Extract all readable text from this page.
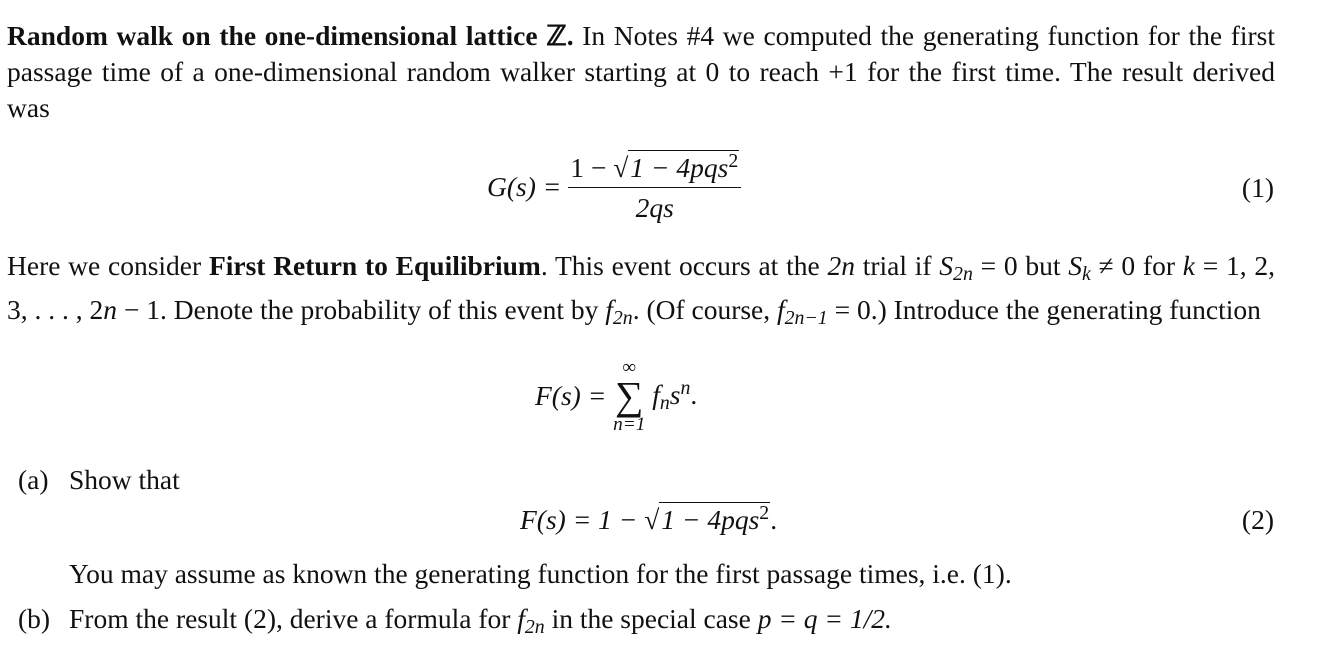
Random walk on the one-dimensional lattice ℤ. In Notes #4 we computed the generating function for the first passage time of a one-dimensional random walker starting at 0 to reach +1 for the first time. The result derived was
$G(s) = \frac{1 - √1 - 4pqs^2}{2qs}$	(1)
Here we consider First Return to Equilibrium. This event occurs at the 2n trial if $S_{2n} = 0$ but $S_k \ne 0$ for k = 1, 2, 3, . . . , 2n − 1. Denote the probability of this event by $f_{2n}$. (Of course, $f_{2n-1} = 0$.) Introduce the generating function
F(s) =
∞
∑
n=1
$f_ns^n$.
(a) Show that
F(s) = 1 − √1 − 4pqs$^2$.	(2)
You may assume as known the generating function for the first passage times, i.e. (1).
(b) From the result (2), derive a formula for $f_{2n}$ in the special case p = q = 1/2.
